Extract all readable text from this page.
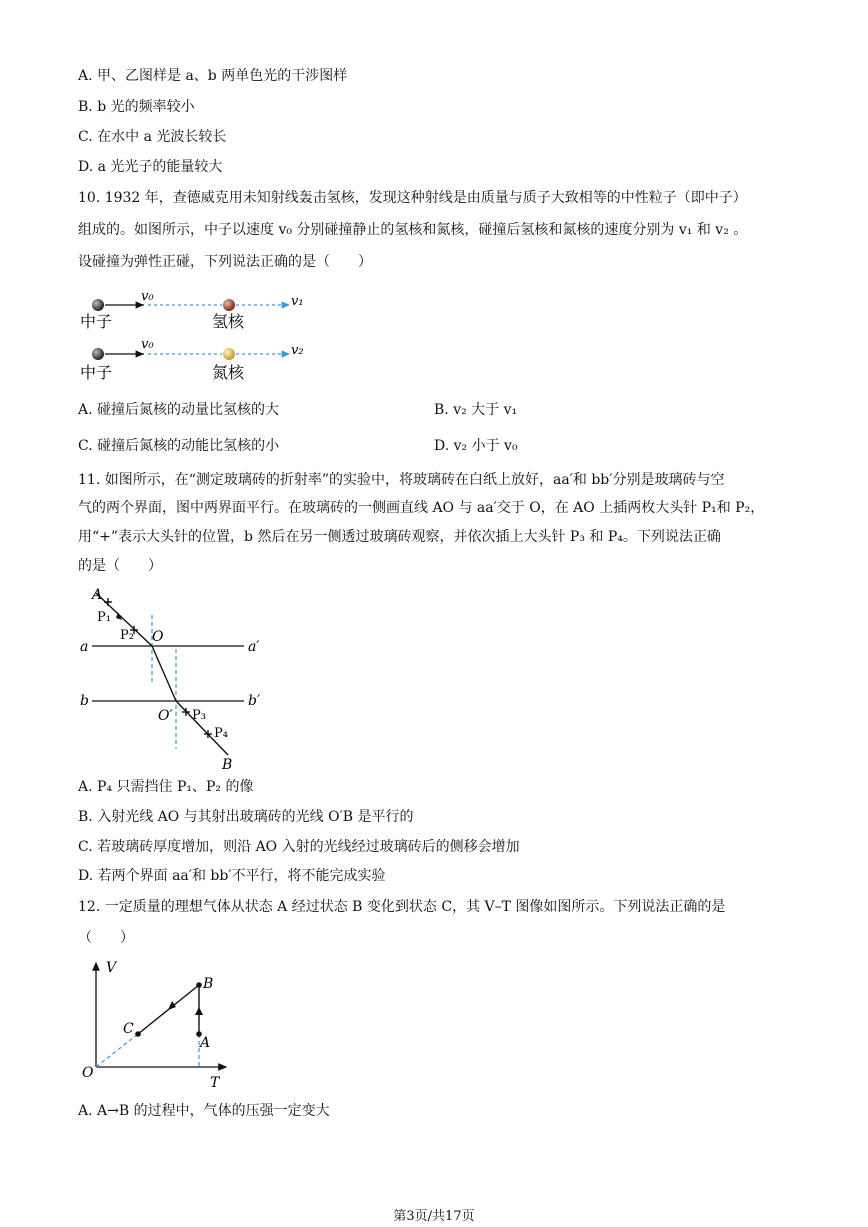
A. 甲、乙图样是 a、b 两单色光的干涉图样
B. b 光的频率较小
C. 在水中 a 光波长较长
D. a 光光子的能量较大
10. 1932 年，查德威克用未知射线轰击氢核，发现这种射线是由质量与质子大致相等的中性粒子（即中子）
组成的。如图所示，中子以速度 v₀ 分别碰撞静止的氢核和氮核，碰撞后氢核和氮核的速度分别为 v₁ 和 v₂ 。
设碰撞为弹性正碰，下列说法正确的是（　　）
v₀	v₁
中子	氢核
v₀	v₂
中子	氮核
A. 碰撞后氮核的动量比氢核的大	B. v₂ 大于 v₁
C. 碰撞后氮核的动能比氢核的小	D. v₂ 小于 v₀
11. 如图所示，在“测定玻璃砖的折射率”的实验中，将玻璃砖在白纸上放好，aa′和 bb′分别是玻璃砖与空
气的两个界面，图中两界面平行。在玻璃砖的一侧画直线 AO 与 aa′交于 O，在 AO 上插两枚大头针 P₁和 P₂，
用“+”表示大头针的位置，b 然后在另一侧透过玻璃砖观察，并依次插上大头针 P₃ 和 P₄。下列说法正确
的是（　　）
A
P₁
P₂ O
a	a′
b	b′
O′ P₃
P₄
B
A. P₄ 只需挡住 P₁、P₂ 的像
B. 入射光线 AO 与其射出玻璃砖的光线 O′B 是平行的
C. 若玻璃砖厚度增加，则沿 AO 入射的光线经过玻璃砖后的侧移会增加
D. 若两个界面 aa′和 bb′不平行，将不能完成实验
12. 一定质量的理想气体从状态 A 经过状态 B 变化到状态 C，其 V–T 图像如图所示。下列说法正确的是
（　　）
V
T
O
A
B
C
A. A→B 的过程中，气体的压强一定变大
第3页/共17页
